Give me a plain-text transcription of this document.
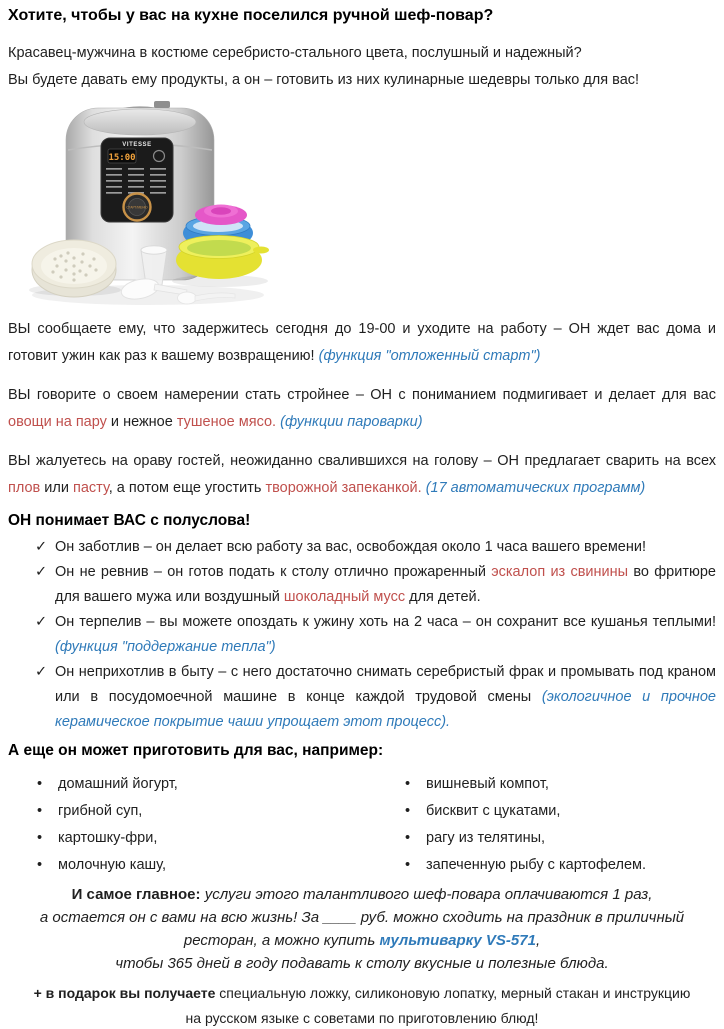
Хотите, чтобы у вас на кухне поселился ручной шеф-повар?
Красавец-мужчина в костюме серебристо-стального цвета, послушный и надежный?
Вы будете давать ему продукты, а он – готовить из них кулинарные шедевры только для вас!
VITESSE
15:00
СТАРТ/МЕНЮ

ВЫ сообщаете ему, что задержитесь сегодня до 19-00 и уходите на работу – ОН ждет вас дома и готовит ужин как раз к вашему возвращению! (функция "отложенный старт")

ВЫ говорите о своем намерении стать стройнее – ОН с пониманием подмигивает и делает для вас овощи на пару и нежное тушеное мясо. (функции пароварки)

ВЫ жалуетесь на ораву гостей, неожиданно свалившихся на голову – ОН предлагает сварить на всех плов или пасту, а потом еще угостить творожной запеканкой. (17 автоматических программ)

ОН понимает ВАС с полуслова!
✓ Он заботлив – он делает всю работу за вас, освобождая около 1 часа вашего времени!
✓ Он не ревнив – он готов подать к столу отлично прожаренный эскалоп из свинины во фритюре для вашего мужа или воздушный шоколадный мусс для детей.
✓ Он терпелив – вы можете опоздать к ужину хоть на 2 часа – он сохранит все кушанья теплыми! (функция "поддержание тепла")
✓ Он неприхотлив в быту – с него достаточно снимать серебристый фрак и промывать под краном или в посудомоечной машине в конце каждой трудовой смены (экологичное и прочное керамическое покрытие чаши упрощает этот процесс).
А еще он может приготовить для вас, например:
•	домашний йогурт,
•	грибной суп,
•	картошку-фри,
•	молочную кашу,
•	вишневый компот,
•	бисквит с цукатами,
•	рагу из телятины,
•	запеченную рыбу с картофелем.
И самое главное: услуги этого талантливого шеф-повара оплачиваются 1 раз,
а остается он с вами на всю жизнь! За ____ руб. можно сходить на праздник в приличный
ресторан, а можно купить мультиварку VS-571,
чтобы 365 дней в году подавать к столу вкусные и полезные блюда.
+ в подарок вы получаете специальную ложку, силиконовую лопатку, мерный стакан и инструкцию
на русском языке с советами по приготовлению блюд!
